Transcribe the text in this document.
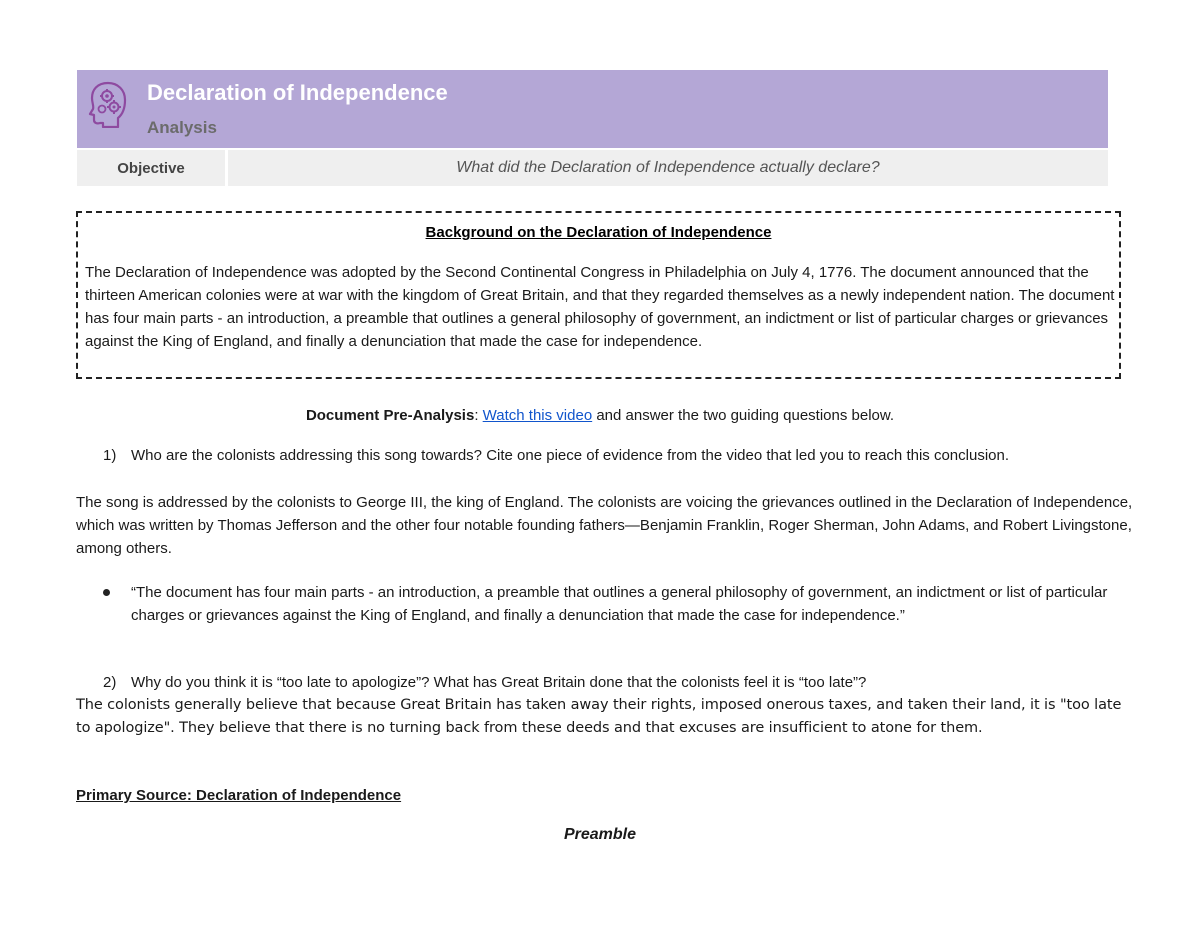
Declaration of Independence
Analysis
Objective	What did the Declaration of Independence actually declare?
Background on the Declaration of Independence
The Declaration of Independence was adopted by the Second Continental Congress in Philadelphia on July 4, 1776. The document announced that the thirteen American colonies were at war with the kingdom of Great Britain, and that they regarded themselves as a newly independent nation. The document has four main parts - an introduction, a preamble that outlines a general philosophy of government, an indictment or list of particular charges or grievances against the King of England, and finally a denunciation that made the case for independence.
Document Pre-Analysis: Watch this video and answer the two guiding questions below.
1) Who are the colonists addressing this song towards? Cite one piece of evidence from the video that led you to reach this conclusion.
The song is addressed by the colonists to George III, the king of England. The colonists are voicing the grievances outlined in the Declaration of Independence, which was written by Thomas Jefferson and the other four notable founding fathers—Benjamin Franklin, Roger Sherman, John Adams, and Robert Livingstone, among others.
“The document has four main parts - an introduction, a preamble that outlines a general philosophy of government, an indictment or list of particular charges or grievances against the King of England, and finally a denunciation that made the case for independence.”
2) Why do you think it is “too late to apologize”? What has Great Britain done that the colonists feel it is “too late”?
The colonists generally believe that because Great Britain has taken away their rights, imposed onerous taxes, and taken their land, it is "too late to apologize". They believe that there is no turning back from these deeds and that excuses are insufficient to atone for them.
Primary Source: Declaration of Independence
Preamble
